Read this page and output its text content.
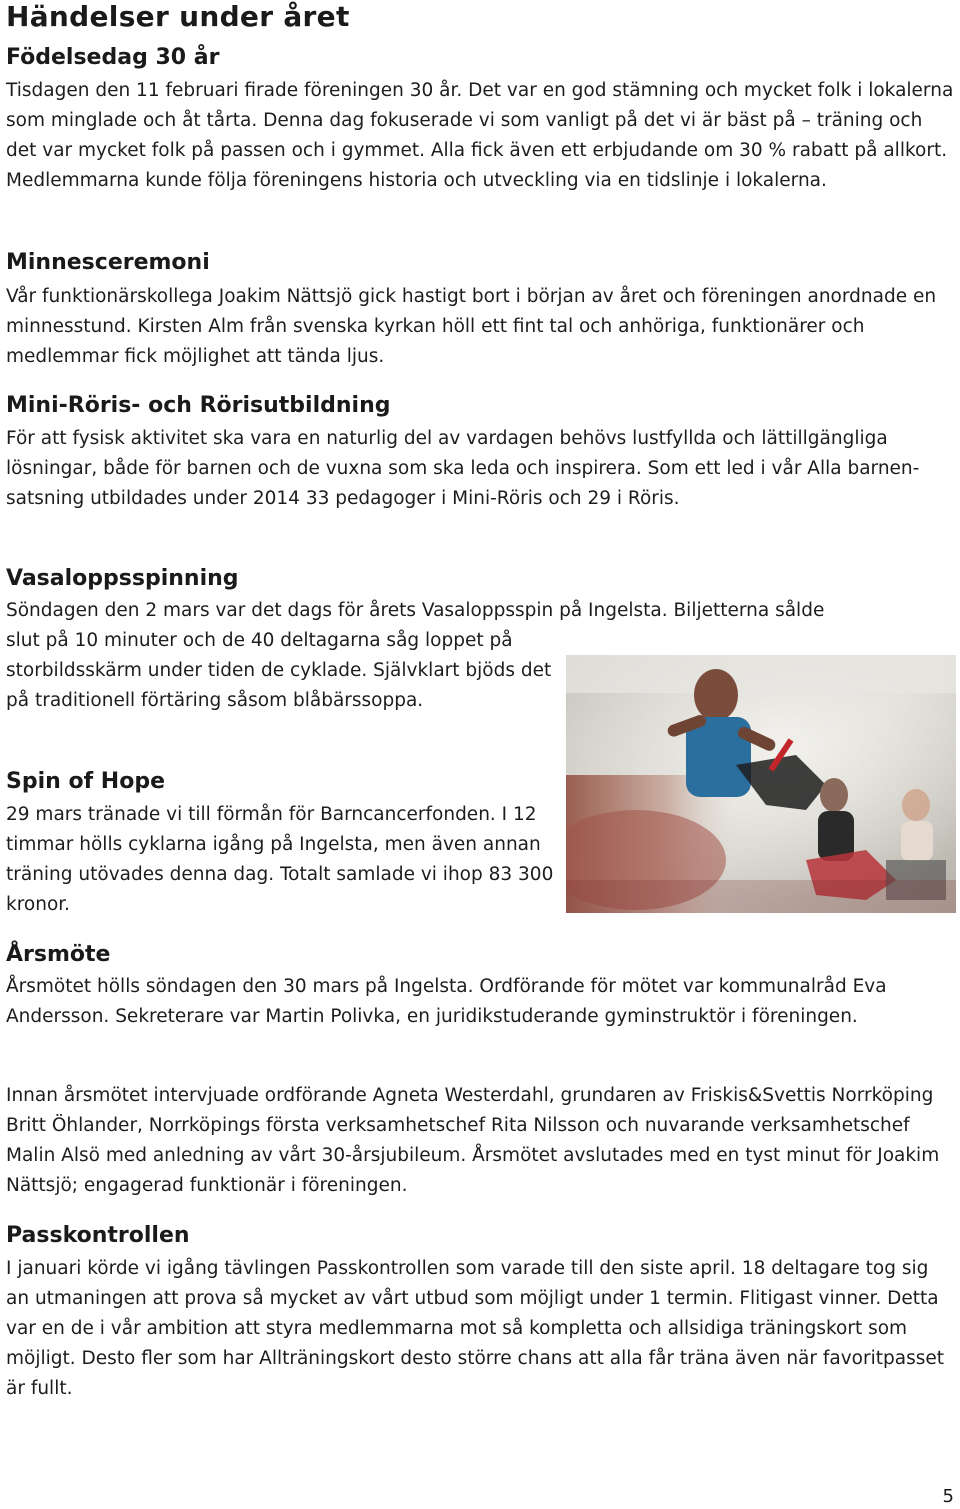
Händelser under året
Födelsedag 30 år

Tisdagen den 11 februari firade föreningen 30 år. Det var en god stämning och mycket folk i lokalerna som minglade och åt tårta. Denna dag fokuserade vi som vanligt på det vi är bäst på – träning och det var mycket folk på passen och i gymmet. Alla fick även ett erbjudande om 30 % rabatt på allkort. Medlemmarna kunde följa föreningens historia och utveckling via en tidslinje i lokalerna.

Minnesceremoni

Vår funktionärskollega Joakim Nättsjö gick hastigt bort i början av året och föreningen anordnade en minnesstund. Kirsten Alm från svenska kyrkan höll ett fint tal och anhöriga, funktionärer och medlemmar fick möjlighet att tända ljus.

Mini-Röris- och Rörisutbildning

För att fysisk aktivitet ska vara en naturlig del av vardagen behövs lustfyllda och lättillgängliga lösningar, både för barnen och de vuxna som ska leda och inspirera. Som ett led i vår Alla barnen-satsning utbildades under 2014 33 pedagoger i Mini-Röris och 29 i Röris.

Vasaloppsspinning

Söndagen den 2 mars var det dags för årets Vasaloppsspin på Ingelsta. Biljetterna sålde

slut på 10 minuter och de 40 deltagarna såg loppet på storbildsskärm under tiden de cyklade. Självklart bjöds det på traditionell förtäring såsom blåbärssoppa.

Spin of Hope

29 mars tränade vi till förmån för Barncancerfonden. I 12 timmar hölls cyklarna igång på Ingelsta, men även annan träning utövades denna dag. Totalt samlade vi ihop 83 300 kronor.

Årsmöte

Årsmötet hölls söndagen den 30 mars på Ingelsta. Ordförande för mötet var kommunalråd Eva Andersson. Sekreterare var Martin Polivka, en juridikstuderande gyminstruktör i föreningen.

Innan årsmötet intervjuade ordförande Agneta Westerdahl, grundaren av Friskis&Svettis Norrköping Britt Öhlander, Norrköpings första verksamhetschef Rita Nilsson och nuvarande verksamhetschef Malin Alsö med anledning av vårt 30-årsjubileum. Årsmötet avslutades med en tyst minut för Joakim Nättsjö; engagerad funktionär i föreningen.

Passkontrollen

I januari körde vi igång tävlingen Passkontrollen som varade till den siste april. 18 deltagare tog sig an utmaningen att prova så mycket av vårt utbud som möjligt under 1 termin. Flitigast vinner. Detta var en de i vår ambition att styra medlemmarna mot så kompletta och allsidiga träningskort som möjligt. Desto fler som har Allträningskort desto större chans att alla får träna även när favoritpasset är fullt.

5
